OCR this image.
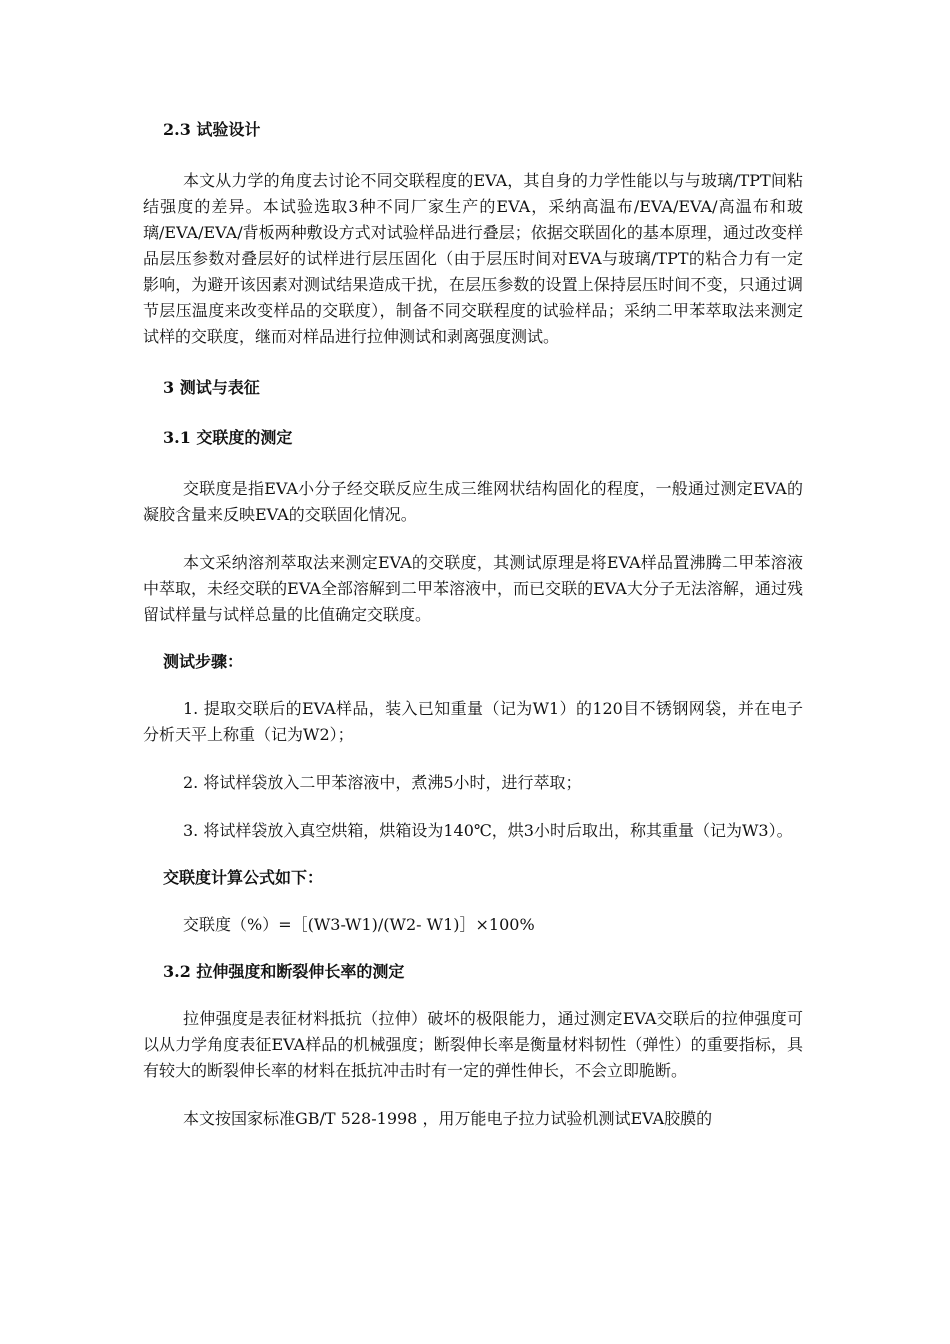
2.3 试验设计

本文从力学的角度去讨论不同交联程度的EVA，其自身的力学性能以与与玻璃/TPT间粘结强度的差异。本试验选取3种不同厂家生产的EVA，采纳高温布/EVA/EVA/高温布和玻璃/EVA/EVA/背板两种敷设方式对试验样品进行叠层；依据交联固化的基本原理，通过改变样品层压参数对叠层好的试样进行层压固化（由于层压时间对EVA与玻璃/TPT的粘合力有一定影响，为避开该因素对测试结果造成干扰，在层压参数的设置上保持层压时间不变，只通过调节层压温度来改变样品的交联度），制备不同交联程度的试验样品；采纳二甲苯萃取法来测定试样的交联度，继而对样品进行拉伸测试和剥离强度测试。

3 测试与表征

3.1 交联度的测定

交联度是指EVA小分子经交联反应生成三维网状结构固化的程度，一般通过测定EVA的凝胶含量来反映EVA的交联固化情况。

本文采纳溶剂萃取法来测定EVA的交联度，其测试原理是将EVA样品置沸腾二甲苯溶液中萃取，未经交联的EVA全部溶解到二甲苯溶液中，而已交联的EVA大分子无法溶解，通过残留试样量与试样总量的比值确定交联度。

测试步骤：

1. 提取交联后的EVA样品，装入已知重量（记为W1）的120目不锈钢网袋，并在电子分析天平上称重（记为W2）；

2. 将试样袋放入二甲苯溶液中，煮沸5小时，进行萃取；

3. 将试样袋放入真空烘箱，烘箱设为140℃，烘3小时后取出，称其重量（记为W3）。

交联度计算公式如下：

交联度（%）=［(W3-W1)/(W2- W1)］×100%

3.2 拉伸强度和断裂伸长率的测定

拉伸强度是表征材料抵抗（拉伸）破坏的极限能力，通过测定EVA交联后的拉伸强度可以从力学角度表征EVA样品的机械强度；断裂伸长率是衡量材料韧性（弹性）的重要指标，具有较大的断裂伸长率的材料在抵抗冲击时有一定的弹性伸长，不会立即脆断。

本文按国家标准GB/T 528-1998 ，用万能电子拉力试验机测试EVA胶膜的
